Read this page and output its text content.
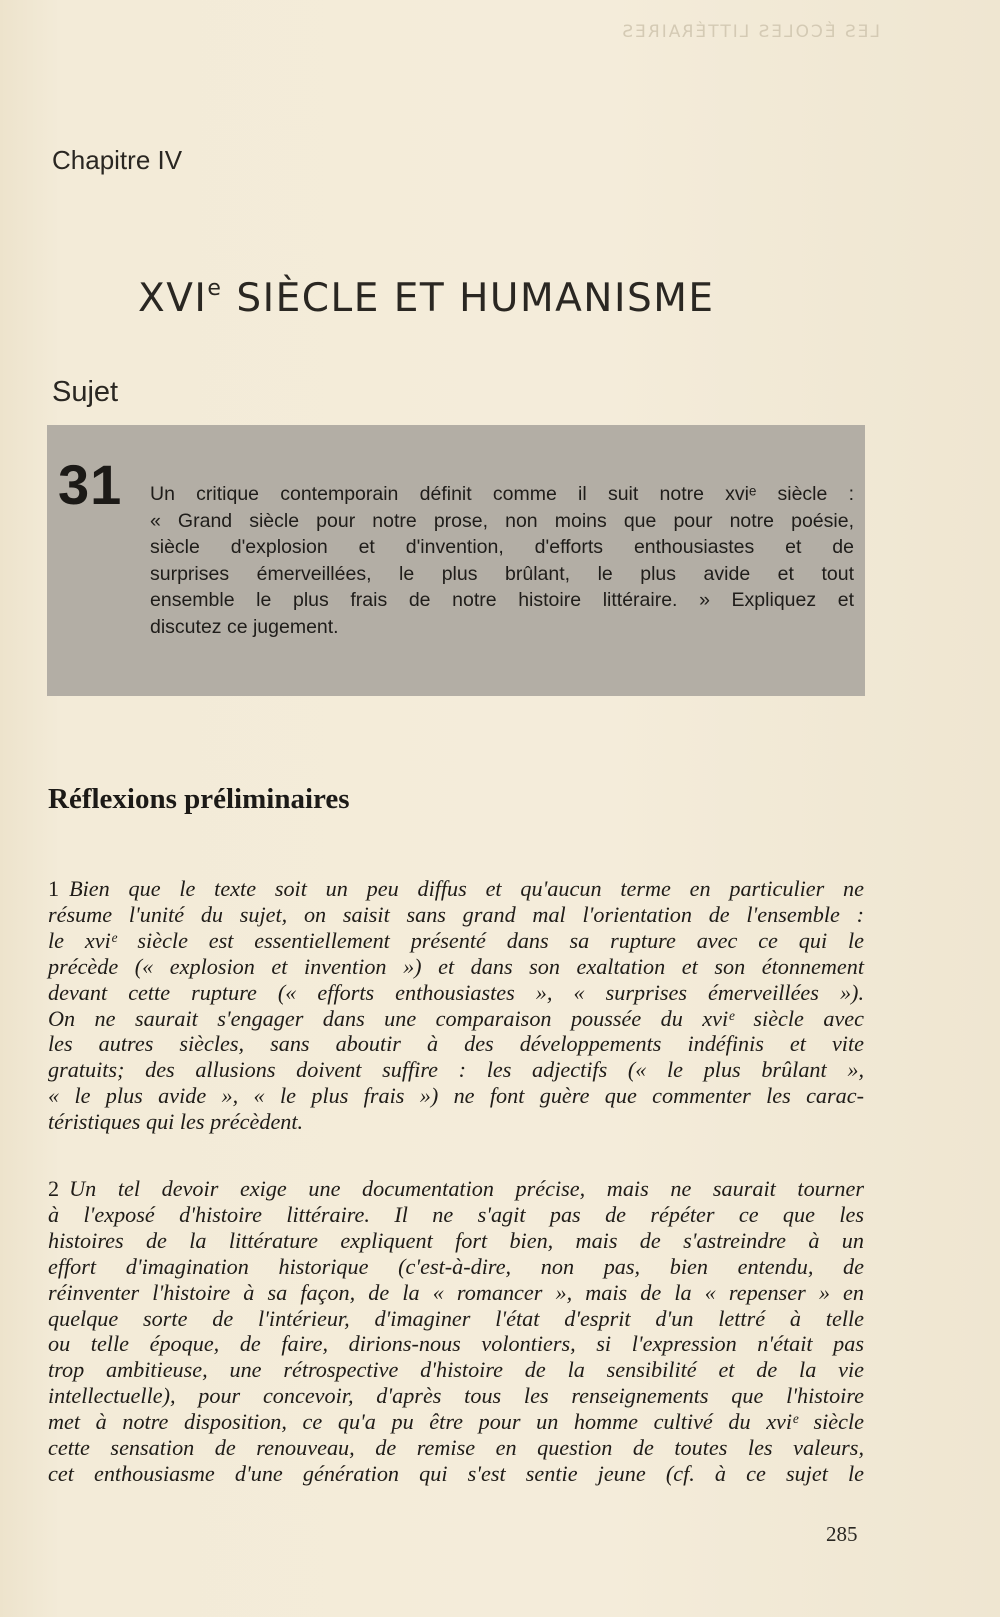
LES ÉCOLES LITTÉRAIRES
Chapitre IV
XVIe SIÈCLE ET HUMANISME
Sujet
31 Un critique contemporain définit comme il suit notre xviᵉ siècle :
« Grand siècle pour notre prose, non moins que pour notre poésie,
siècle d'explosion et d'invention, d'efforts enthousiastes et de
surprises émerveillées, le plus brûlant, le plus avide et tout
ensemble le plus frais de notre histoire littéraire. » Expliquez et
discutez ce jugement.
Réflexions préliminaires
1 Bien que le texte soit un peu diffus et qu'aucun terme en particulier ne
résume l'unité du sujet, on saisit sans grand mal l'orientation de l'ensemble :
le xviᵉ siècle est essentiellement présenté dans sa rupture avec ce qui le
précède (« explosion et invention ») et dans son exaltation et son étonnement
devant cette rupture (« efforts enthousiastes », « surprises émerveillées »).
On ne saurait s'engager dans une comparaison poussée du xviᵉ siècle avec
les autres siècles, sans aboutir à des développements indéfinis et vite
gratuits; des allusions doivent suffire : les adjectifs (« le plus brûlant »,
« le plus avide », « le plus frais ») ne font guère que commenter les carac-
téristiques qui les précèdent.
2 Un tel devoir exige une documentation précise, mais ne saurait tourner
à l'exposé d'histoire littéraire. Il ne s'agit pas de répéter ce que les
histoires de la littérature expliquent fort bien, mais de s'astreindre à un
effort d'imagination historique (c'est-à-dire, non pas, bien entendu, de
réinventer l'histoire à sa façon, de la « romancer », mais de la « repenser » en
quelque sorte de l'intérieur, d'imaginer l'état d'esprit d'un lettré à telle
ou telle époque, de faire, dirions-nous volontiers, si l'expression n'était pas
trop ambitieuse, une rétrospective d'histoire de la sensibilité et de la vie
intellectuelle), pour concevoir, d'après tous les renseignements que l'histoire
met à notre disposition, ce qu'a pu être pour un homme cultivé du xviᵉ siècle
cette sensation de renouveau, de remise en question de toutes les valeurs,
cet enthousiasme d'une génération qui s'est sentie jeune (cf. à ce sujet le
285
